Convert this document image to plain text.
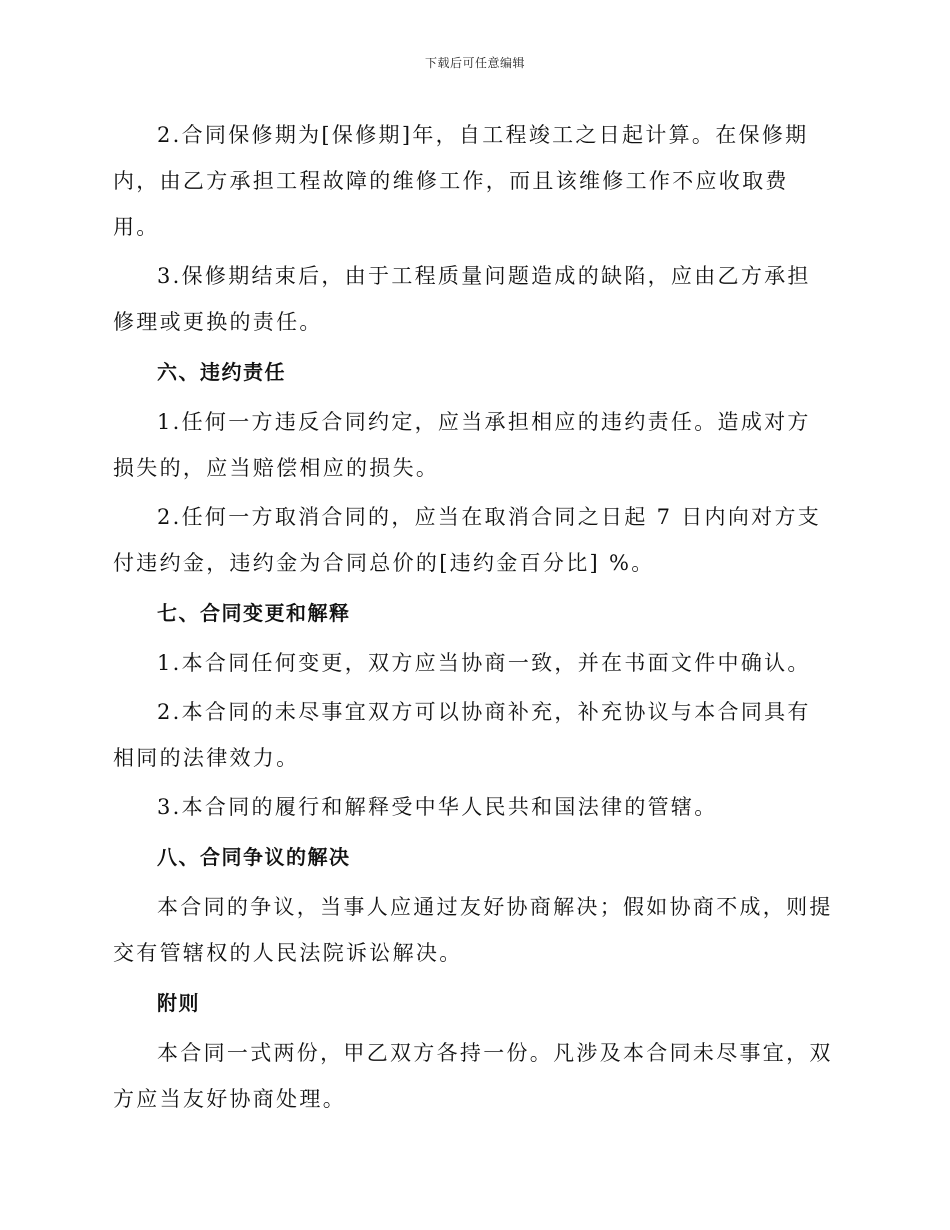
下载后可任意编辑

2.合同保修期为[保修期]年，自工程竣工之日起计算。在保修期内，由乙方承担工程故障的维修工作，而且该维修工作不应收取费用。

3.保修期结束后，由于工程质量问题造成的缺陷，应由乙方承担修理或更换的责任。

六、违约责任

1.任何一方违反合同约定，应当承担相应的违约责任。造成对方损失的，应当赔偿相应的损失。

2.任何一方取消合同的，应当在取消合同之日起 7 日内向对方支付违约金，违约金为合同总价的[违约金百分比] %。

七、合同变更和解释

1.本合同任何变更，双方应当协商一致，并在书面文件中确认。

2.本合同的未尽事宜双方可以协商补充，补充协议与本合同具有相同的法律效力。

3.本合同的履行和解释受中华人民共和国法律的管辖。

八、合同争议的解决

本合同的争议，当事人应通过友好协商解决；假如协商不成，则提交有管辖权的人民法院诉讼解决。

附则

本合同一式两份，甲乙双方各持一份。凡涉及本合同未尽事宜，双方应当友好协商处理。
